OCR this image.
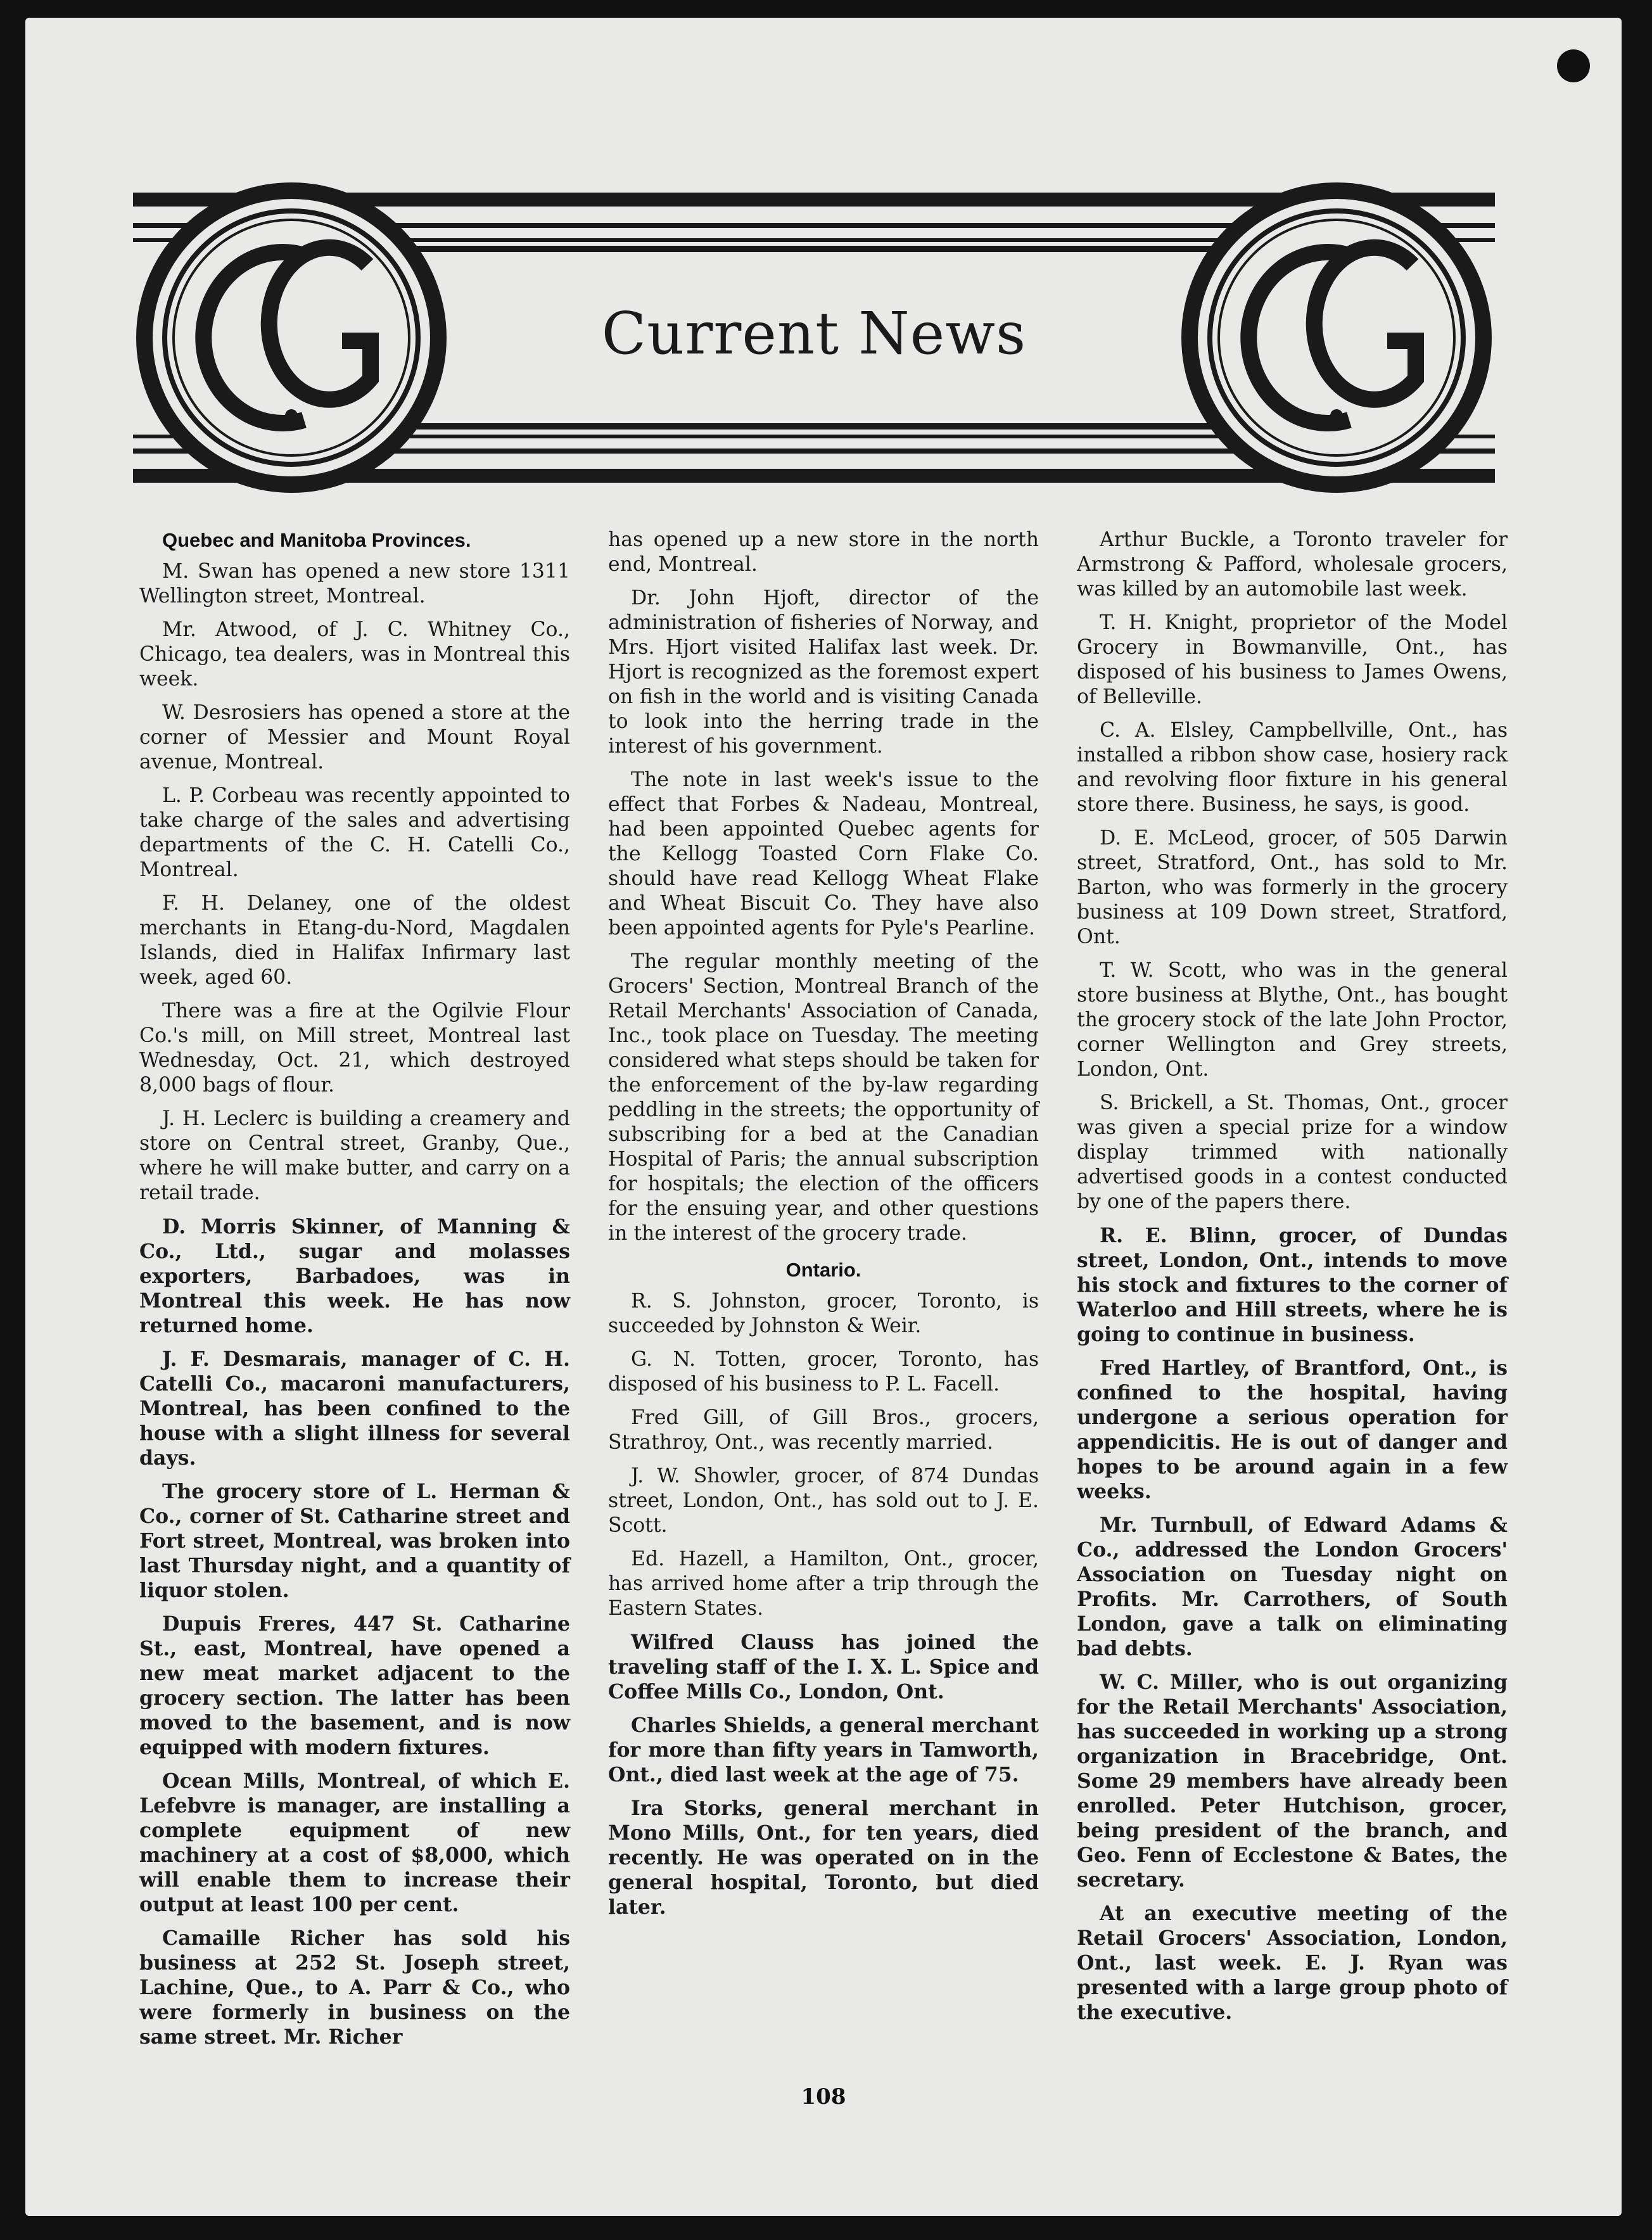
Current News
Quebec and Manitoba Provinces.

M. Swan has opened a new store 1311 Wellington street, Montreal.

Mr. Atwood, of J. C. Whitney Co., Chicago, tea dealers, was in Montreal this week.

W. Desrosiers has opened a store at the corner of Messier and Mount Royal avenue, Montreal.

L. P. Corbeau was recently appointed to take charge of the sales and advertising departments of the C. H. Catelli Co., Montreal.

F. H. Delaney, one of the oldest merchants in Etang-du-Nord, Magdalen Islands, died in Halifax Infirmary last week, aged 60.

There was a fire at the Ogilvie Flour Co.'s mill, on Mill street, Montreal last Wednesday, Oct. 21, which destroyed 8,000 bags of flour.

J. H. Leclerc is building a creamery and store on Central street, Granby, Que., where he will make butter, and carry on a retail trade.

D. Morris Skinner, of Manning & Co., Ltd., sugar and molasses exporters, Barbadoes, was in Montreal this week. He has now returned home.

J. F. Desmarais, manager of C. H. Catelli Co., macaroni manufacturers, Montreal, has been confined to the house with a slight illness for several days.

The grocery store of L. Herman & Co., corner of St. Catharine street and Fort street, Montreal, was broken into last Thursday night, and a quantity of liquor stolen.

Dupuis Freres, 447 St. Catharine St., east, Montreal, have opened a new meat market adjacent to the grocery section. The latter has been moved to the basement, and is now equipped with modern fixtures.

Ocean Mills, Montreal, of which E. Lefebvre is manager, are installing a complete equipment of new machinery at a cost of $8,000, which will enable them to increase their output at least 100 per cent.

Camaille Richer has sold his business at 252 St. Joseph street, Lachine, Que., to A. Parr & Co., who were formerly in business on the same street. Mr. Richer

has opened up a new store in the north end, Montreal.

Dr. John Hjoft, director of the administration of fisheries of Norway, and Mrs. Hjort visited Halifax last week. Dr. Hjort is recognized as the foremost expert on fish in the world and is visiting Canada to look into the herring trade in the interest of his government.

The note in last week's issue to the effect that Forbes & Nadeau, Montreal, had been appointed Quebec agents for the Kellogg Toasted Corn Flake Co. should have read Kellogg Wheat Flake and Wheat Biscuit Co. They have also been appointed agents for Pyle's Pearline.

The regular monthly meeting of the Grocers' Section, Montreal Branch of the Retail Merchants' Association of Canada, Inc., took place on Tuesday. The meeting considered what steps should be taken for the enforcement of the by-law regarding peddling in the streets; the opportunity of subscribing for a bed at the Canadian Hospital of Paris; the annual subscription for hospitals; the election of the officers for the ensuing year, and other questions in the interest of the grocery trade.

Ontario.

R. S. Johnston, grocer, Toronto, is succeeded by Johnston & Weir.

G. N. Totten, grocer, Toronto, has disposed of his business to P. L. Facell.

Fred Gill, of Gill Bros., grocers, Strathroy, Ont., was recently married.

J. W. Showler, grocer, of 874 Dundas street, London, Ont., has sold out to J. E. Scott.

Ed. Hazell, a Hamilton, Ont., grocer, has arrived home after a trip through the Eastern States.

Wilfred Clauss has joined the traveling staff of the I. X. L. Spice and Coffee Mills Co., London, Ont.

Charles Shields, a general merchant for more than fifty years in Tamworth, Ont., died last week at the age of 75.

Ira Storks, general merchant in Mono Mills, Ont., for ten years, died recently. He was operated on in the general hospital, Toronto, but died later.

Arthur Buckle, a Toronto traveler for Armstrong & Pafford, wholesale grocers, was killed by an automobile last week.

T. H. Knight, proprietor of the Model Grocery in Bowmanville, Ont., has disposed of his business to James Owens, of Belleville.

C. A. Elsley, Campbellville, Ont., has installed a ribbon show case, hosiery rack and revolving floor fixture in his general store there. Business, he says, is good.

D. E. McLeod, grocer, of 505 Darwin street, Stratford, Ont., has sold to Mr. Barton, who was formerly in the grocery business at 109 Down street, Stratford, Ont.

T. W. Scott, who was in the general store business at Blythe, Ont., has bought the grocery stock of the late John Proctor, corner Wellington and Grey streets, London, Ont.

S. Brickell, a St. Thomas, Ont., grocer was given a special prize for a window display trimmed with nationally advertised goods in a contest conducted by one of the papers there.

R. E. Blinn, grocer, of Dundas street, London, Ont., intends to move his stock and fixtures to the corner of Waterloo and Hill streets, where he is going to continue in business.

Fred Hartley, of Brantford, Ont., is confined to the hospital, having undergone a serious operation for appendicitis. He is out of danger and hopes to be around again in a few weeks.

Mr. Turnbull, of Edward Adams & Co., addressed the London Grocers' Association on Tuesday night on Profits. Mr. Carrothers, of South London, gave a talk on eliminating bad debts.

W. C. Miller, who is out organizing for the Retail Merchants' Association, has succeeded in working up a strong organization in Bracebridge, Ont. Some 29 members have already been enrolled. Peter Hutchison, grocer, being president of the branch, and Geo. Fenn of Ecclestone & Bates, the secretary.

At an executive meeting of the Retail Grocers' Association, London, Ont., last week. E. J. Ryan was presented with a large group photo of the executive.

108
